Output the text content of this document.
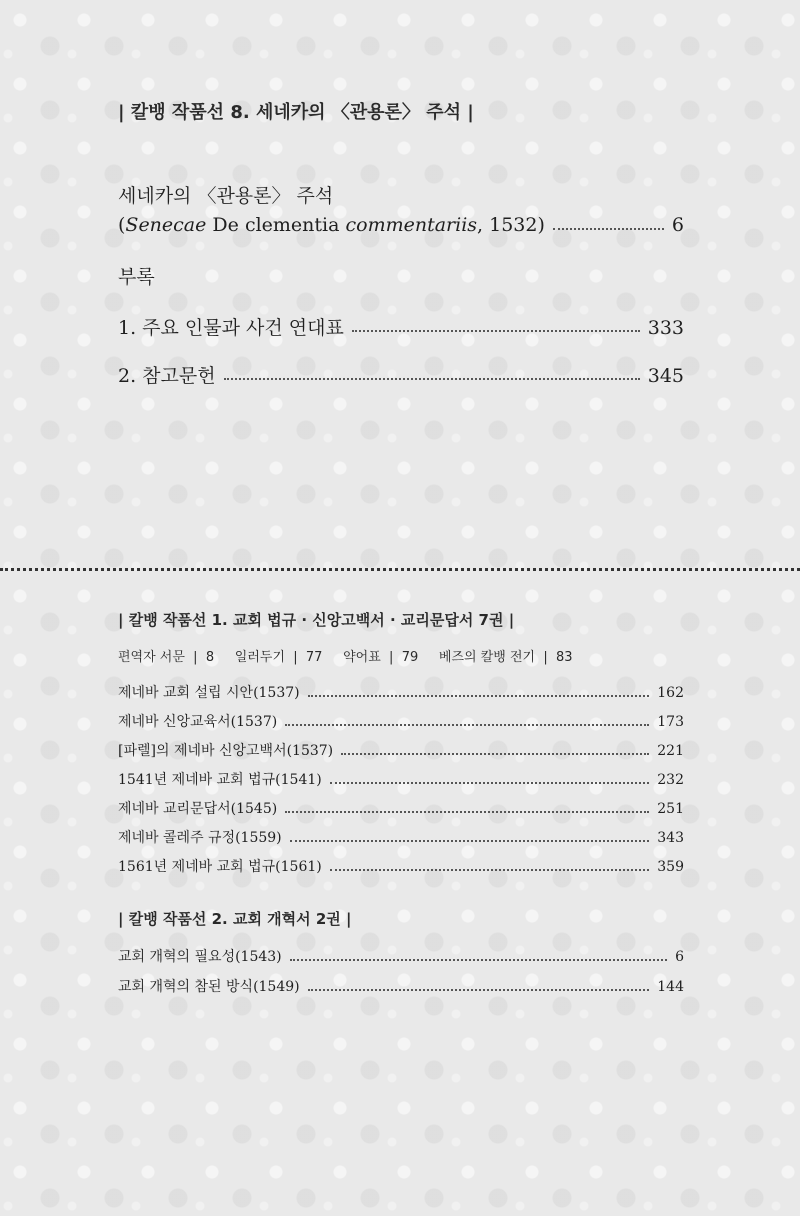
| 칼뱅 작품선 8. 세네카의 〈관용론〉 주석 |
세네카의 〈관용론〉 주석
(Senecae De clementia commentariis, 1532)	6
부록
1. 주요 인물과 사건 연대표	333
2. 참고문헌	345
| 칼뱅 작품선 1. 교회 법규 · 신앙고백서 · 교리문답서 7권 |
편역자 서문  |  8     일러두기  |  77     약어표  |  79     베즈의 칼뱅 전기  |  83
제네바 교회 설립 시안(1537)	162
제네바 신앙교육서(1537)	173
[파렐]의 제네바 신앙고백서(1537)	221
1541년 제네바 교회 법규(1541)	232
제네바 교리문답서(1545)	251
제네바 콜레주 규정(1559)	343
1561년 제네바 교회 법규(1561)	359
| 칼뱅 작품선 2. 교회 개혁서 2권 |
교회 개혁의 필요성(1543)	6
교회 개혁의 참된 방식(1549)	144
